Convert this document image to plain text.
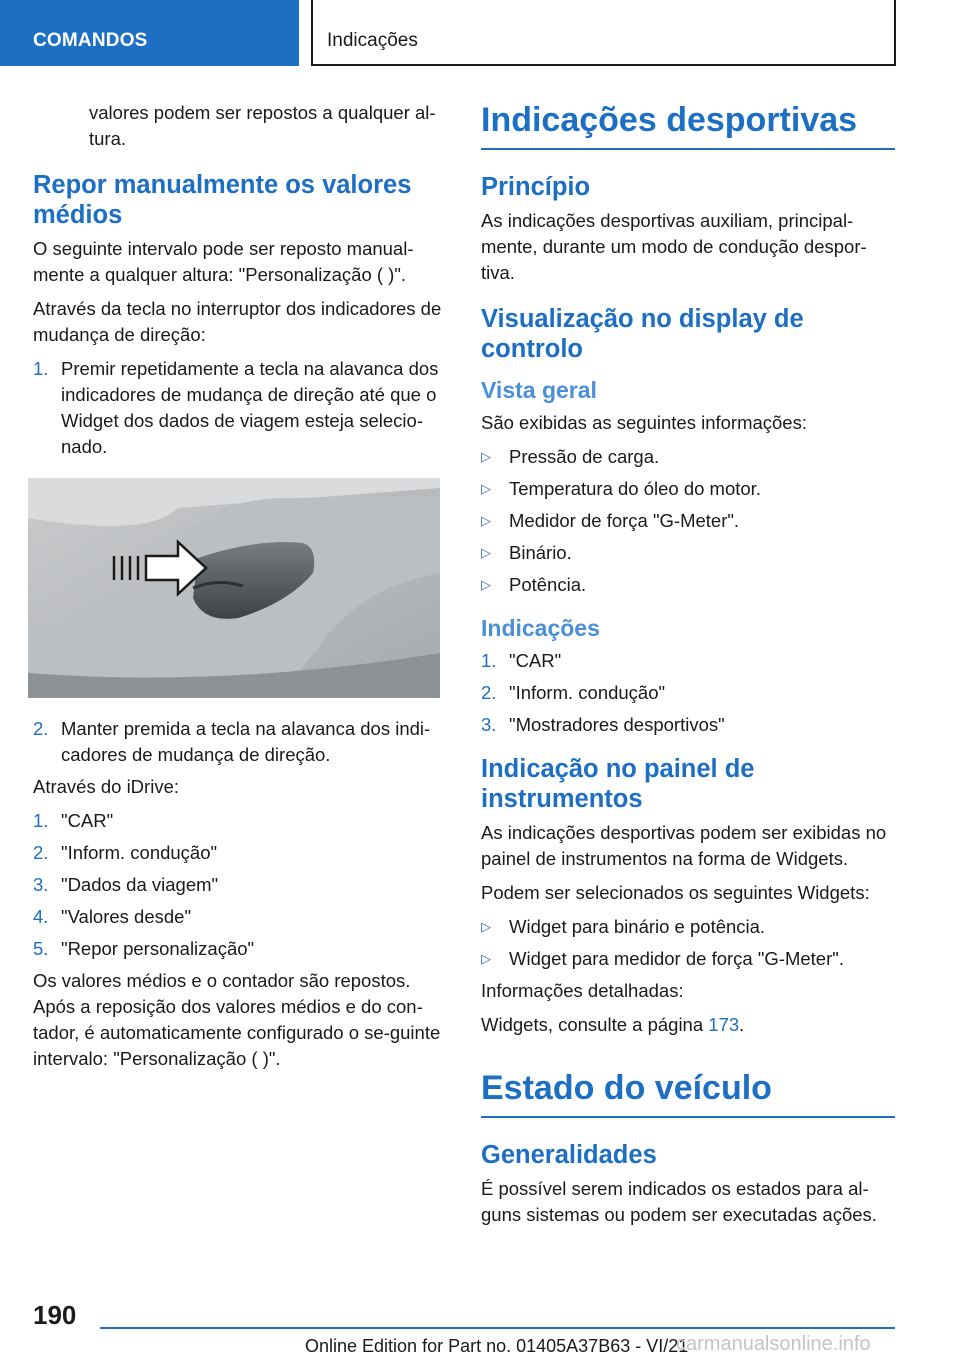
COMANDOS	Indicações

valores podem ser repostos a qualquer al-tura.

Repor manualmente os valores médios

O seguinte intervalo pode ser reposto manual-mente a qualquer altura: "Personalização ( )".

Através da tecla no interruptor dos indicadores de mudança de direção:

1. Premir repetidamente a tecla na alavanca dos indicadores de mudança de direção até que o Widget dos dados de viagem esteja selecio-nado.
2. Manter premida a tecla na alavanca dos indi-cadores de mudança de direção.

Através do iDrive:

1. "CAR"
2. "Inform. condução"
3. "Dados da viagem"
4. "Valores desde"
5. "Repor personalização"

Os valores médios e o contador são repostos. Após a reposição dos valores médios e do con-tador, é automaticamente configurado o se-guinte intervalo: "Personalização ( )".

Indicações desportivas
Princípio

As indicações desportivas auxiliam, principal-mente, durante um modo de condução despor-tiva.

Visualização no display de controlo
Vista geral

São exibidas as seguintes informações:

▷ Pressão de carga.
▷ Temperatura do óleo do motor.
▷ Medidor de força "G-Meter".
▷ Binário.
▷ Potência.
Indicações
1. "CAR"
2. "Inform. condução"
3. "Mostradores desportivos"
Indicação no painel de instrumentos

As indicações desportivas podem ser exibidas no painel de instrumentos na forma de Widgets.

Podem ser selecionados os seguintes Widgets:

▷ Widget para binário e potência.
▷ Widget para medidor de força "G-Meter".

Informações detalhadas:

Widgets, consulte a página 173.

Estado do veículo
Generalidades

É possível serem indicados os estados para al-guns sistemas ou podem ser executadas ações.

190
Online Edition for Part no. 01405A37B63 - VI/21
carmanualsonline.info
